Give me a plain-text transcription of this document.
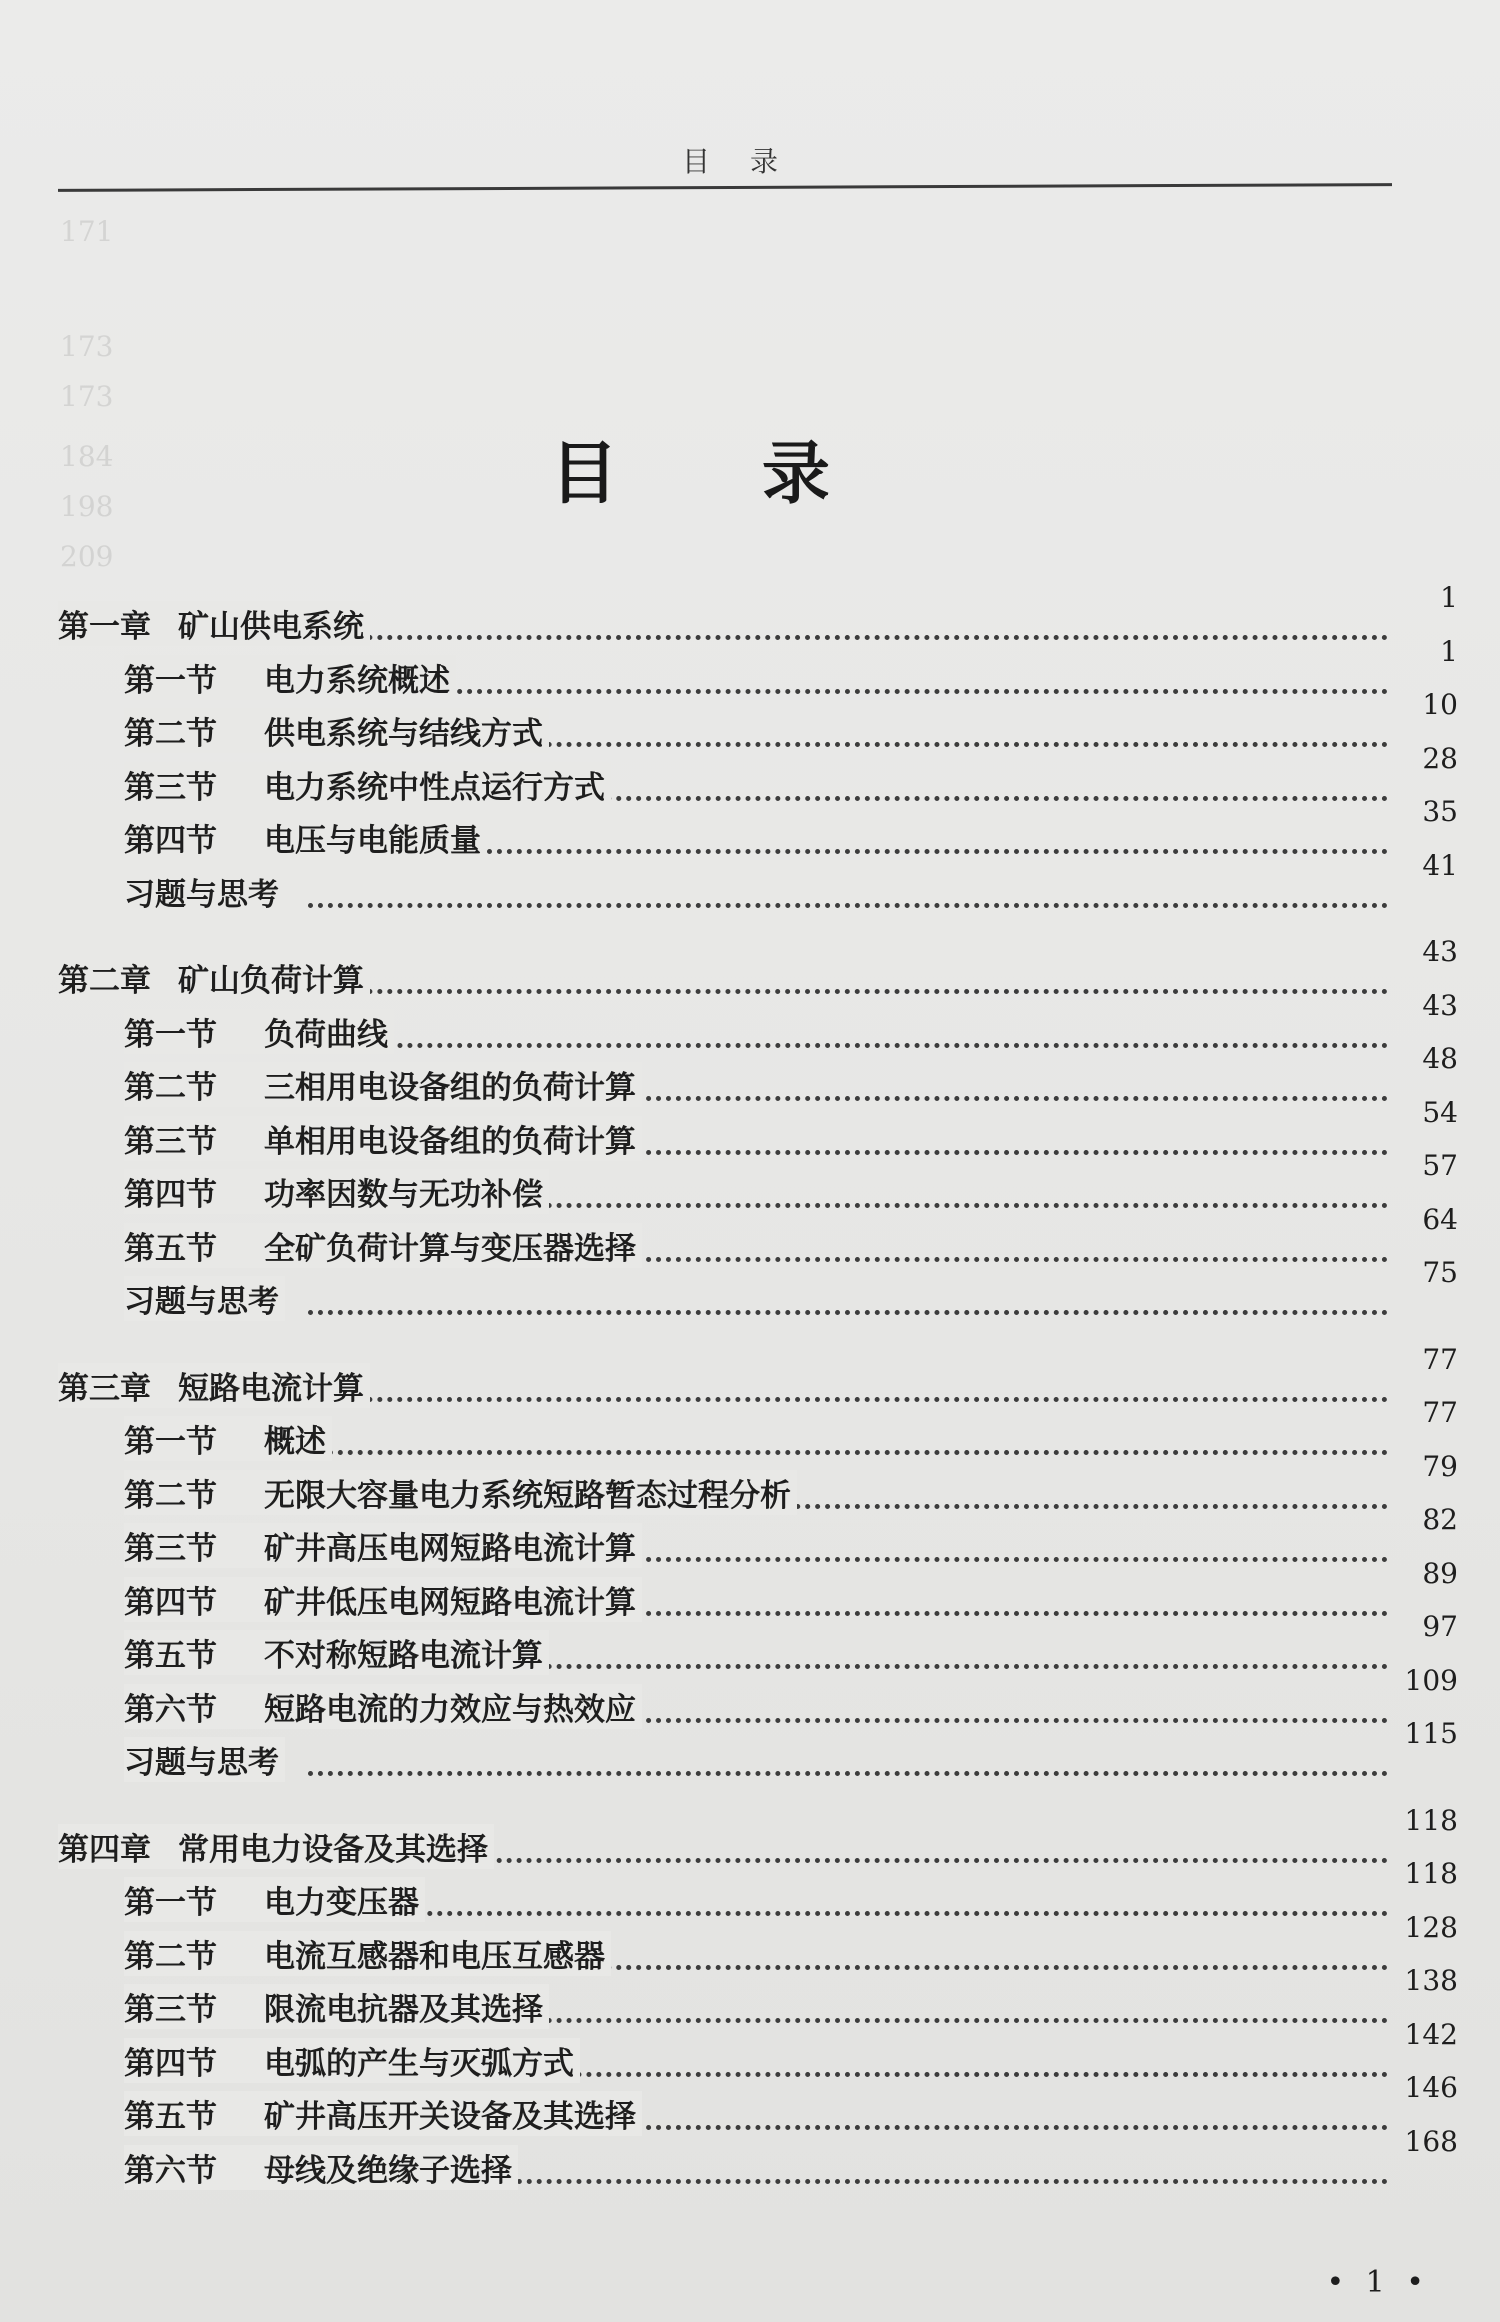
171
173
173
184
198
209
目录
目 录
第一章 矿山供电系统
1
第一节 电力系统概述
1
第二节 供电系统与结线方式
10
第三节 电力系统中性点运行方式
28
第四节 电压与电能质量
35
习题与思考
41
第二章 矿山负荷计算
43
第一节 负荷曲线
43
第二节 三相用电设备组的负荷计算
48
第三节 单相用电设备组的负荷计算
54
第四节 功率因数与无功补偿
57
第五节 全矿负荷计算与变压器选择
64
习题与思考
75
第三章 短路电流计算
77
第一节 概述
77
第二节 无限大容量电力系统短路暂态过程分析
79
第三节 矿井高压电网短路电流计算
82
第四节 矿井低压电网短路电流计算
89
第五节 不对称短路电流计算
97
第六节 短路电流的力效应与热效应
109
习题与思考
115
第四章 常用电力设备及其选择
118
第一节 电力变压器
118
第二节 电流互感器和电压互感器
128
第三节 限流电抗器及其选择
138
第四节 电弧的产生与灭弧方式
142
第五节 矿井高压开关设备及其选择
146
第六节 母线及绝缘子选择
168
• 1 •
